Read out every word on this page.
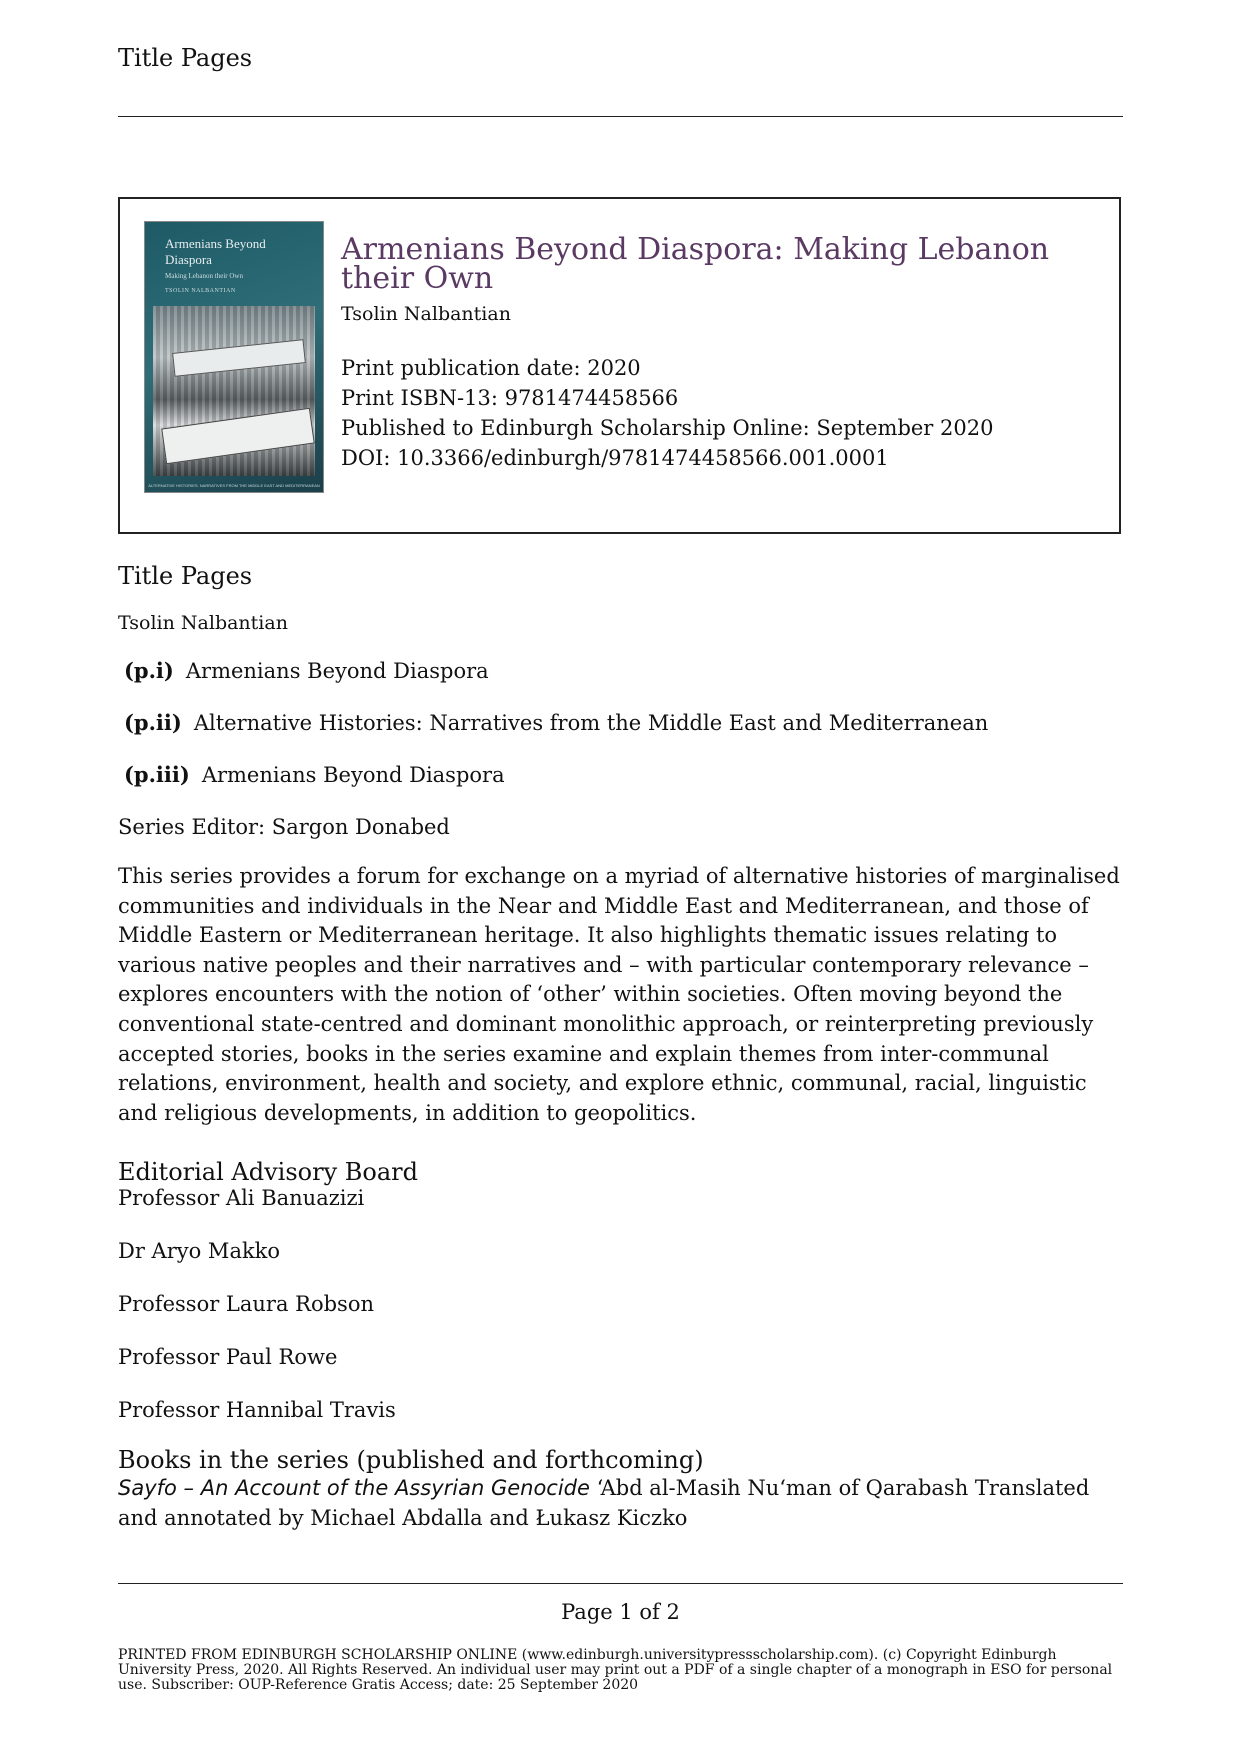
Title Pages
Armenians Beyond Diaspora
Making Lebanon their Own
TSOLIN NALBANTIAN
ALTERNATIVE HISTORIES: NARRATIVES FROM THE MIDDLE EAST AND MEDITERRANEAN
Armenians Beyond Diaspora: Making Lebanon their Own
Tsolin Nalbantian
Print publication date: 2020
Print ISBN-13: 9781474458566
Published to Edinburgh Scholarship Online: September 2020
DOI: 10.3366/edinburgh/9781474458566.001.0001
Title Pages
Tsolin Nalbantian
(p.i) Armenians Beyond Diaspora
(p.ii) Alternative Histories: Narratives from the Middle East and Mediterranean
(p.iii) Armenians Beyond Diaspora
Series Editor: Sargon Donabed
This series provides a forum for exchange on a myriad of alternative histories of marginalised communities and individuals in the Near and Middle East and Mediterranean, and those of Middle Eastern or Mediterranean heritage. It also highlights thematic issues relating to various native peoples and their narratives and – with particular contemporary relevance – explores encounters with the notion of ‘other’ within societies. Often moving beyond the conventional state-centred and dominant monolithic approach, or reinterpreting previously accepted stories, books in the series examine and explain themes from inter-communal relations, environment, health and society, and explore ethnic, communal, racial, linguistic and religious developments, in addition to geopolitics.
Editorial Advisory Board
Professor Ali Banuazizi
Dr Aryo Makko
Professor Laura Robson
Professor Paul Rowe
Professor Hannibal Travis
Books in the series (published and forthcoming)
Sayfo – An Account of the Assyrian Genocide ʻAbd al-Masih Nuʻman of Qarabash Translated and annotated by Michael Abdalla and Łukasz Kiczko
Page 1 of 2
PRINTED FROM EDINBURGH SCHOLARSHIP ONLINE (www.edinburgh.universitypressscholarship.com). (c) Copyright Edinburgh University Press, 2020. All Rights Reserved. An individual user may print out a PDF of a single chapter of a monograph in ESO for personal use. Subscriber: OUP-Reference Gratis Access; date: 25 September 2020
